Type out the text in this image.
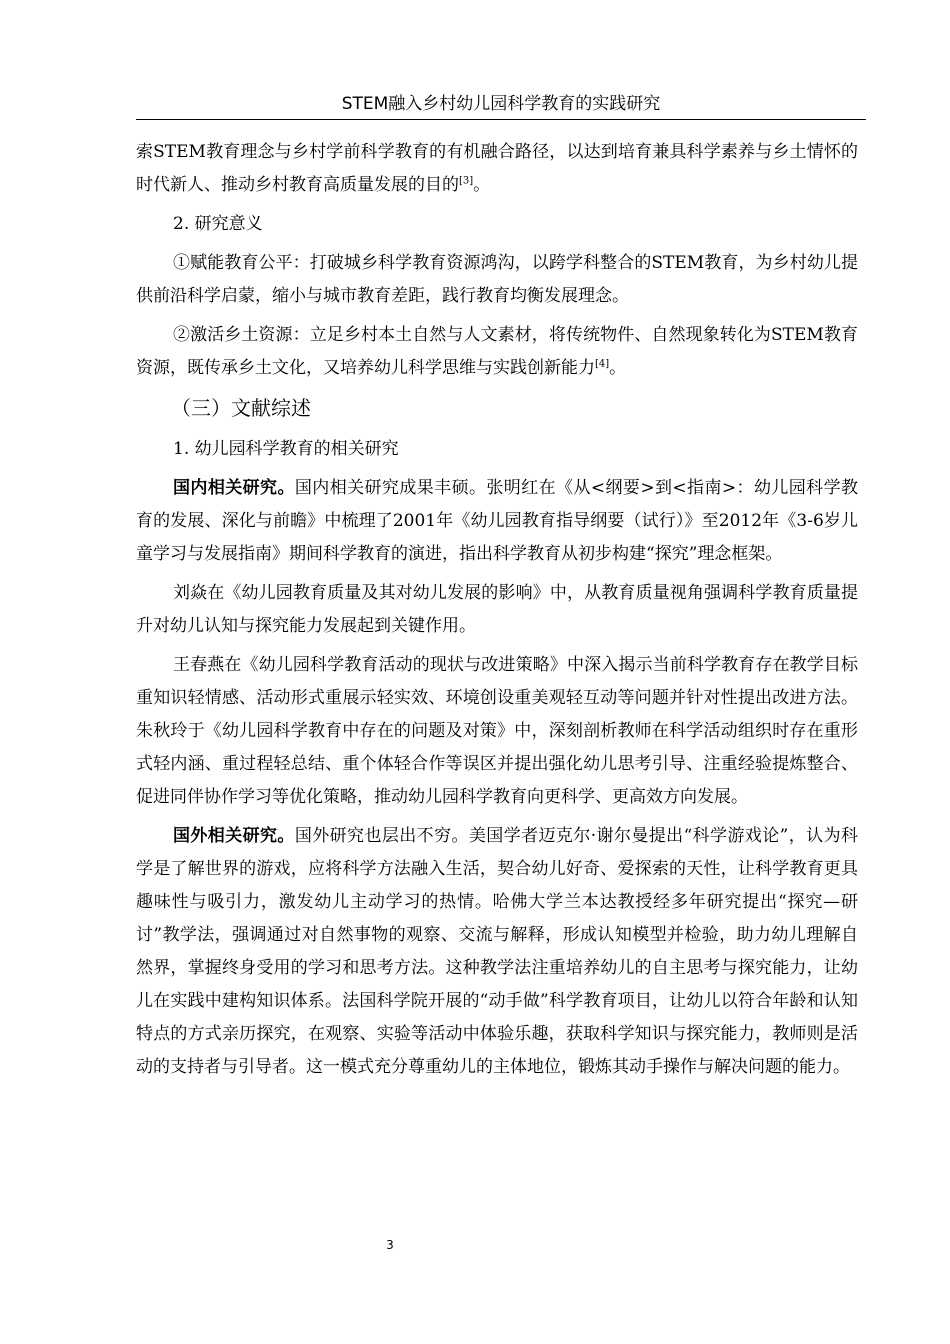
STEM融入乡村幼儿园科学教育的实践研究

索STEM教育理念与乡村学前科学教育的有机融合路径，以达到培育兼具科学素养与乡土情怀的时代新人、推动乡村教育高质量发展的目的[3]。

2. 研究意义

①赋能教育公平：打破城乡科学教育资源鸿沟，以跨学科整合的STEM教育，为乡村幼儿提供前沿科学启蒙，缩小与城市教育差距，践行教育均衡发展理念。

②激活乡土资源：立足乡村本土自然与人文素材，将传统物件、自然现象转化为STEM教育资源，既传承乡土文化，又培养幼儿科学思维与实践创新能力[4]。

（三）文献综述

1. 幼儿园科学教育的相关研究

国内相关研究。国内相关研究成果丰硕。张明红在《从<纲要>到<指南>：幼儿园科学教育的发展、深化与前瞻》中梳理了2001年《幼儿园教育指导纲要（试行）》至2012年《3-6岁儿童学习与发展指南》期间科学教育的演进，指出科学教育从初步构建“探究”理念框架。

刘焱在《幼儿园教育质量及其对幼儿发展的影响》中，从教育质量视角强调科学教育质量提升对幼儿认知与探究能力发展起到关键作用。

王春燕在《幼儿园科学教育活动的现状与改进策略》中深入揭示当前科学教育存在教学目标重知识轻情感、活动形式重展示轻实效、环境创设重美观轻互动等问题并针对性提出改进方法。朱秋玲于《幼儿园科学教育中存在的问题及对策》中，深刻剖析教师在科学活动组织时存在重形式轻内涵、重过程轻总结、重个体轻合作等误区并提出强化幼儿思考引导、注重经验提炼整合、促进同伴协作学习等优化策略，推动幼儿园科学教育向更科学、更高效方向发展。

国外相关研究。国外研究也层出不穷。美国学者迈克尔·谢尔曼提出“科学游戏论”，认为科学是了解世界的游戏，应将科学方法融入生活，契合幼儿好奇、爱探索的天性，让科学教育更具趣味性与吸引力，激发幼儿主动学习的热情。哈佛大学兰本达教授经多年研究提出“探究—研讨”教学法，强调通过对自然事物的观察、交流与解释，形成认知模型并检验，助力幼儿理解自然界，掌握终身受用的学习和思考方法。这种教学法注重培养幼儿的自主思考与探究能力，让幼儿在实践中建构知识体系。法国科学院开展的“动手做”科学教育项目，让幼儿以符合年龄和认知特点的方式亲历探究，在观察、实验等活动中体验乐趣，获取科学知识与探究能力，教师则是活动的支持者与引导者。这一模式充分尊重幼儿的主体地位，锻炼其动手操作与解决问题的能力。

3
